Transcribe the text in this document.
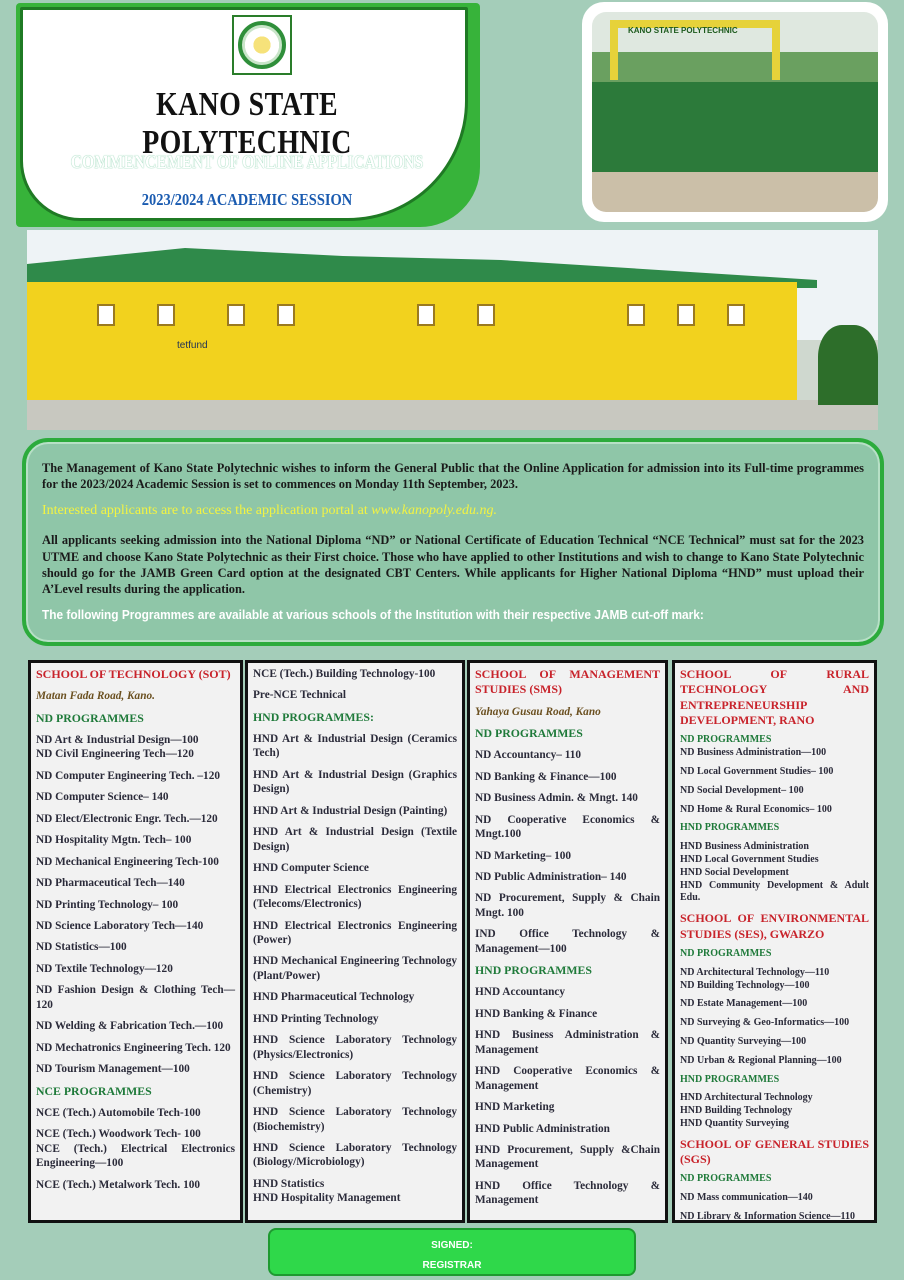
KANO STATE POLYTECHNIC
COMMENCEMENT OF ONLINE APPLICATIONS
2023/2024 ACADEMIC SESSION
KANO STATE POLYTECHNIC
tetfund

The Management of Kano State Polytechnic wishes to inform the General Public that the Online Application for admission into its Full-time programmes for the 2023/2024 Academic Session is set to commences on Monday 11th September, 2023.

Interested applicants are to access the application portal at www.kanopoly.edu.ng.

All applicants seeking admission into the National Diploma “ND” or National Certificate of Education Technical “NCE Technical” must sat for the 2023 UTME and choose Kano State Polytechnic as their First choice. Those who have applied to other Institutions and wish to change to Kano State Polytechnic should go for the JAMB Green Card option at the designated CBT Centers. While applicants for Higher National Diploma “HND” must upload their A’Level results during the application.

The following Programmes are available at various schools of the Institution with their respective JAMB cut-off mark:

SCHOOL OF TECHNOLOGY (SOT)
Matan Fada Road, Kano.
ND PROGRAMMES
ND Art & Industrial Design—100
ND Civil Engineering Tech—120
ND Computer Engineering Tech. –120
ND Computer Science– 140
ND Elect/Electronic Engr. Tech.—120
ND Hospitality Mgtn. Tech– 100
ND Mechanical Engineering Tech-100
ND Pharmaceutical Tech—140
ND Printing Technology– 100
ND Science Laboratory Tech—140
ND Statistics—100
ND Textile Technology—120
ND Fashion Design & Clothing Tech—120
ND Welding & Fabrication Tech.—100
ND Mechatronics Engineering Tech. 120
ND Tourism Management—100
NCE PROGRAMMES
NCE (Tech.) Automobile Tech-100
NCE (Tech.) Woodwork Tech- 100
NCE (Tech.) Electrical Electronics Engineering—100
NCE (Tech.) Metalwork Tech. 100
NCE (Tech.) Building Technology-100
Pre-NCE Technical
HND PROGRAMMES:
HND Art & Industrial Design (Ceramics Tech)
HND Art & Industrial Design (Graphics Design)
HND Art & Industrial Design (Painting)
HND Art & Industrial Design (Textile Design)
HND Computer Science
HND Electrical Electronics Engineering (Telecoms/Electronics)
HND Electrical Electronics Engineering (Power)
HND Mechanical Engineering Technology (Plant/Power)
HND Pharmaceutical Technology
HND Printing Technology
HND Science Laboratory Technology (Physics/Electronics)
HND Science Laboratory Technology (Chemistry)
HND Science Laboratory Technology (Biochemistry)
HND Science Laboratory Technology (Biology/Microbiology)
HND Statistics
HND Hospitality Management
SCHOOL OF MANAGEMENT STUDIES (SMS)
Yahaya Gusau Road, Kano
ND PROGRAMMES
ND Accountancy– 110
ND Banking & Finance—100
ND Business Admin. & Mngt. 140
ND Cooperative Economics & Mngt.100
ND Marketing– 100
ND Public Administration– 140
ND Procurement, Supply & Chain Mngt. 100
IND Office Technology & Management—100
HND PROGRAMMES
HND Accountancy
HND Banking & Finance
HND Business Administration & Management
HND Cooperative Economics & Management
HND Marketing
HND Public Administration
HND Procurement, Supply &Chain Management
HND Office Technology & Management
SCHOOL OF RURAL TECHNOLOGY AND ENTREPRENEURSHIP DEVELOPMENT, RANO
ND PROGRAMMES
ND Business Administration—100
ND Local Government Studies– 100
ND Social Development– 100
ND Home & Rural Economics– 100
HND PROGRAMMES
HND Business Administration
HND Local Government Studies
HND Social Development
HND Community Development & Adult Edu.
SCHOOL OF ENVIRONMENTAL STUDIES (SES), GWARZO
ND PROGRAMMES
ND Architectural Technology—110
ND Building Technology—100
ND Estate Management—100
ND Surveying & Geo-Informatics—100
ND Quantity Surveying—100
ND Urban & Regional Planning—100
HND PROGRAMMES
HND Architectural Technology
HND Building Technology
HND Quantity Surveying
SCHOOL OF GENERAL STUDIES (SGS)
ND PROGRAMMES
ND Mass communication—140
ND Library & Information Science—110
SIGNED:
REGISTRAR
